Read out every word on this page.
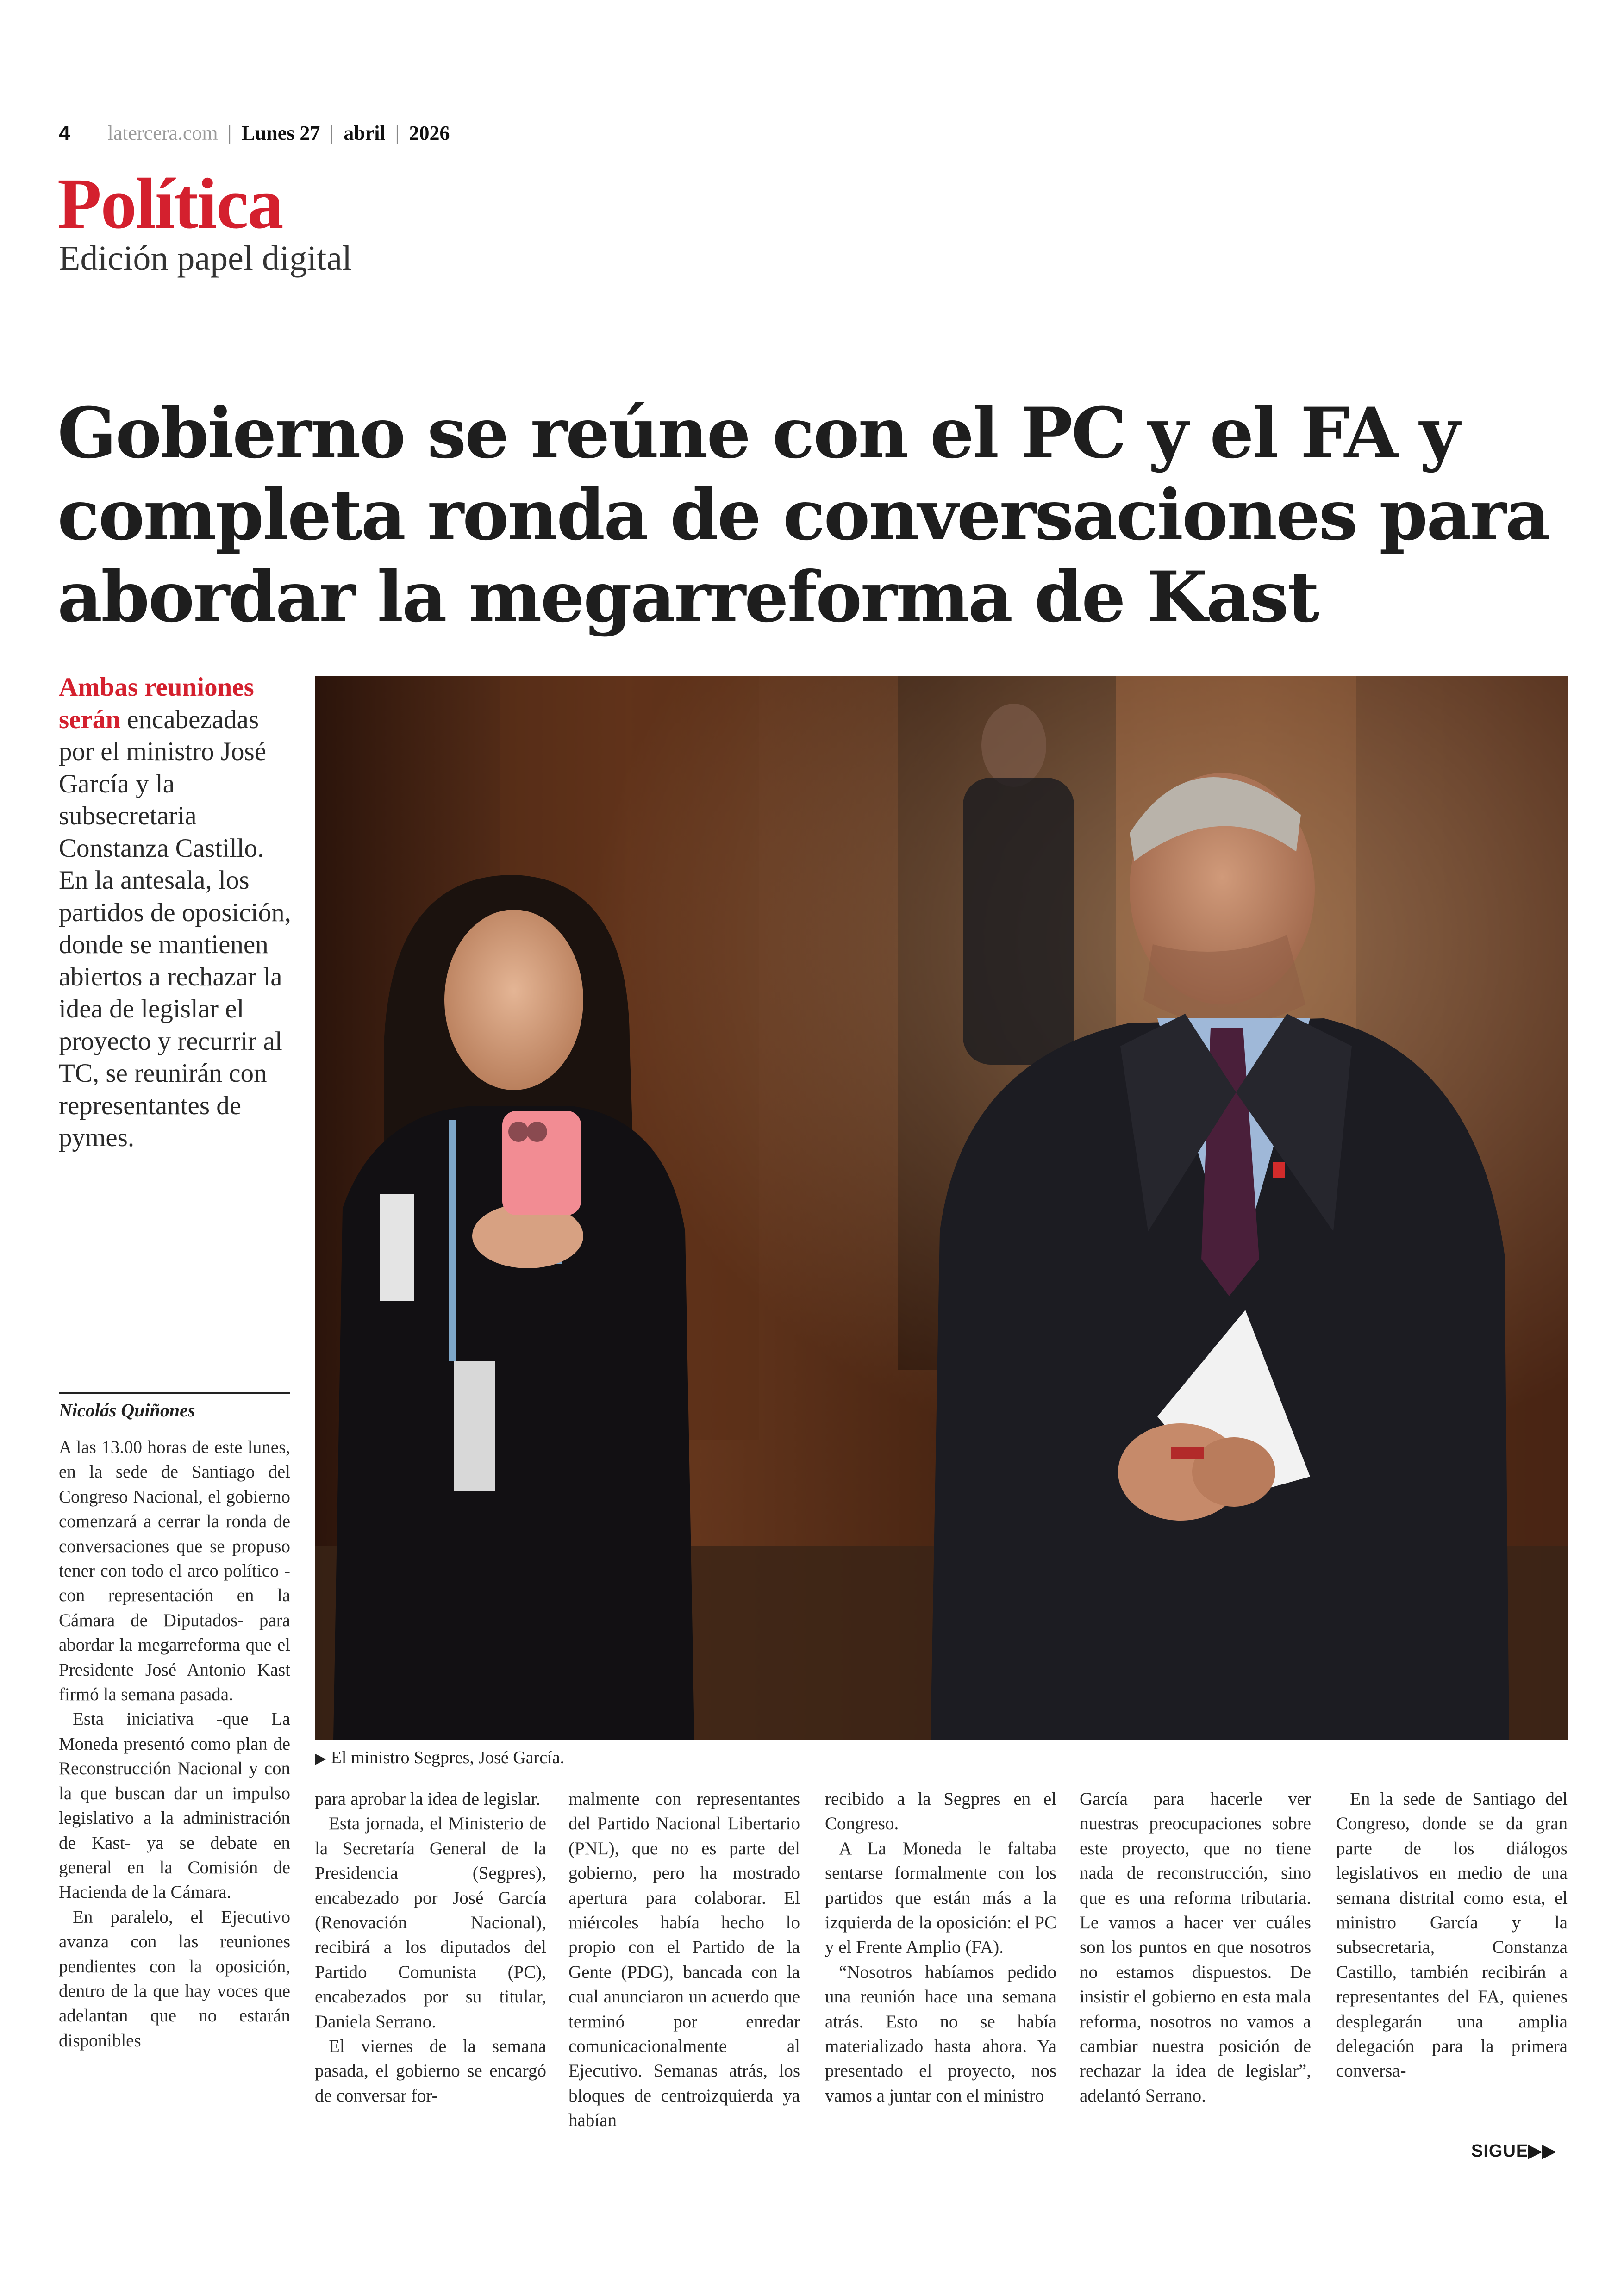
4 latercera.com | Lunes 27 | abril | 2026
Política
Edición papel digital
Gobierno se reúne con el PC y el FA y completa ronda de conversaciones para abordar la megarreforma de Kast
Ambas reuniones serán encabezadas por el ministro José García y la subsecretaria Constanza Castillo. En la antesala, los partidos de oposición, donde se mantienen abiertos a rechazar la idea de legislar el proyecto y recurrir al TC, se reunirán con representantes de pymes.
▶ El ministro Segpres, José García.
Nicolás Quiñones

A las 13.00 horas de este lunes, en la sede de Santiago del Congreso Nacional, el gobierno comenzará a cerrar la ronda de conversaciones que se propuso tener con todo el arco político -con representación en la Cámara de Diputados- para abordar la megarreforma que el Presidente José Antonio Kast firmó la semana pasada.

Esta iniciativa -que La Moneda presentó como plan de Reconstrucción Nacional y con la que buscan dar un impulso legislativo a la administración de Kast- ya se debate en general en la Comisión de Hacienda de la Cámara.

En paralelo, el Ejecutivo avanza con las reuniones pendientes con la oposición, dentro de la que hay voces que adelantan que no estarán disponibles

para aprobar la idea de legislar.

Esta jornada, el Ministerio de la Secretaría General de la Presidencia (Segpres), encabezado por José García (Renovación Nacional), recibirá a los diputados del Partido Comunista (PC), encabezados por su titular, Daniela Serrano.

El viernes de la semana pasada, el gobierno se encargó de conversar for-

malmente con representantes del Partido Nacional Libertario (PNL), que no es parte del gobierno, pero ha mostrado apertura para colaborar. El miércoles había hecho lo propio con el Partido de la Gente (PDG), bancada con la cual anunciaron un acuerdo que terminó por enredar comunicacionalmente al Ejecutivo. Semanas atrás, los bloques de centroizquierda ya habían

recibido a la Segpres en el Congreso.

A La Moneda le faltaba sentarse formalmente con los partidos que están más a la izquierda de la oposición: el PC y el Frente Amplio (FA).

“Nosotros habíamos pedido una reunión hace una semana atrás. Esto no se había materializado hasta ahora. Ya presentado el proyecto, nos vamos a juntar con el ministro

García para hacerle ver nuestras preocupaciones sobre este proyecto, que no tiene nada de reconstrucción, sino que es una reforma tributaria. Le vamos a hacer ver cuáles son los puntos en que nosotros no estamos dispuestos. De insistir el gobierno en esta mala reforma, nosotros no vamos a cambiar nuestra posición de rechazar la idea de legislar”, adelantó Serrano.

En la sede de Santiago del Congreso, donde se da gran parte de los diálogos legislativos en medio de una semana distrital como esta, el ministro García y la subsecretaria, Constanza Castillo, también recibirán a representantes del FA, quienes desplegarán una amplia delegación para la primera conversa-

SIGUE▶▶
